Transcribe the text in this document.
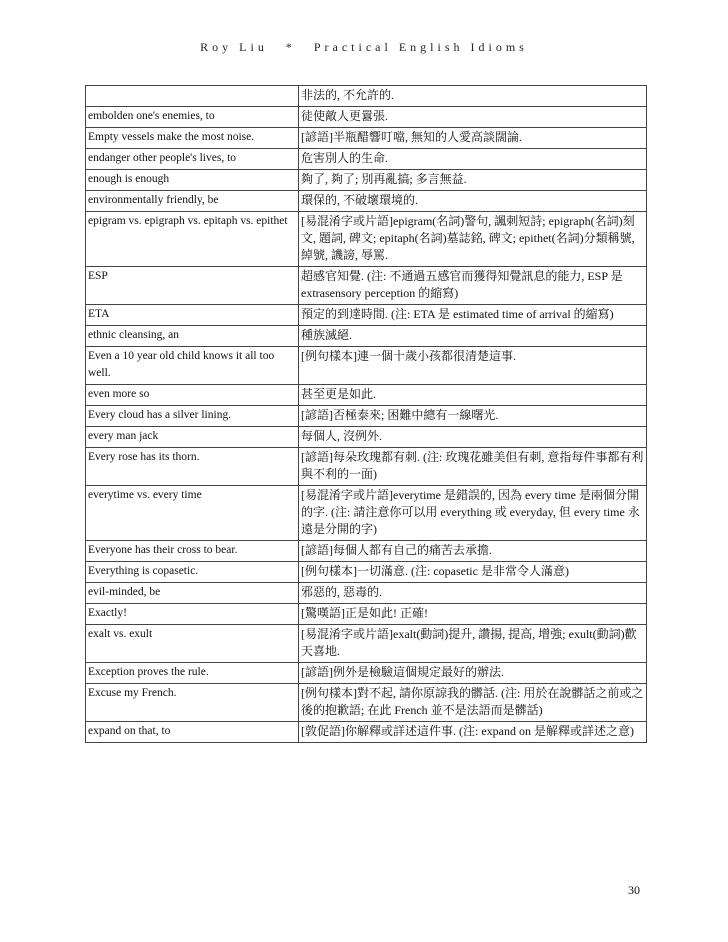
Roy Liu * Practical English Idioms
	非法的, 不允許的.
embolden one's enemies, to	徒使敵人更囂張.
Empty vessels make the most noise.	[諺語]半瓶醋響叮噹, 無知的人愛高談闊論.
endanger other people's lives, to	危害別人的生命.
enough is enough	夠了, 夠了; 別再亂搞; 多言無益.
environmentally friendly, be	環保的, 不破壞環境的.
epigram vs. epigraph vs. epitaph vs. epithet	[易混淆字或片語]epigram(名詞)警句, 諷刺短詩; epigraph(名詞)刻文, 題詞, 碑文; epitaph(名詞)墓誌銘, 碑文; epithet(名詞)分類稱號, 綽號, 譏謗, 辱罵.
ESP	超感官知覺. (注: 不通過五感官而獲得知覺訊息的能力, ESP 是 extrasensory perception 的縮寫)
ETA	預定的到達時間. (注: ETA 是 estimated time of arrival 的縮寫)
ethnic cleansing, an	種族滅絕.
Even a 10 year old child knows it all too well.	[例句樣本]連一個十歲小孩都很清楚這事.
even more so	甚至更是如此.
Every cloud has a silver lining.	[諺語]否極泰來; 困難中總有一線曙光.
every man jack	每個人, 沒例外.
Every rose has its thorn.	[諺語]每朵玫瑰都有刺. (注: 玫瑰花雖美但有刺, 意指每件事都有利與不利的一面)
everytime vs. every time	[易混淆字或片語]everytime 是錯誤的, 因為 every time 是兩個分開的字. (注: 請注意你可以用 everything 或 everyday, 但 every time 永遠是分開的字)
Everyone has their cross to bear.	[諺語]每個人都有自己的痛苦去承擔.
Everything is copasetic.	[例句樣本]一切滿意. (注: copasetic 是非常令人滿意)
evil-minded, be	邪惡的, 惡毒的.
Exactly!	[驚嘆語]正是如此! 正確!
exalt vs. exult	[易混淆字或片語]exalt(動詞)提升, 讚揚, 提高, 增強; exult(動詞)歡天喜地.
Exception proves the rule.	[諺語]例外是檢驗這個規定最好的辦法.
Excuse my French.	[例句樣本]對不起, 請你原諒我的髒話. (注: 用於在說髒話之前或之後的抱歉語; 在此 French 並不是法語而是髒話)
expand on that, to	[敦促語]你解釋或詳述這件事. (注: expand on 是解釋或詳述之意)
30
